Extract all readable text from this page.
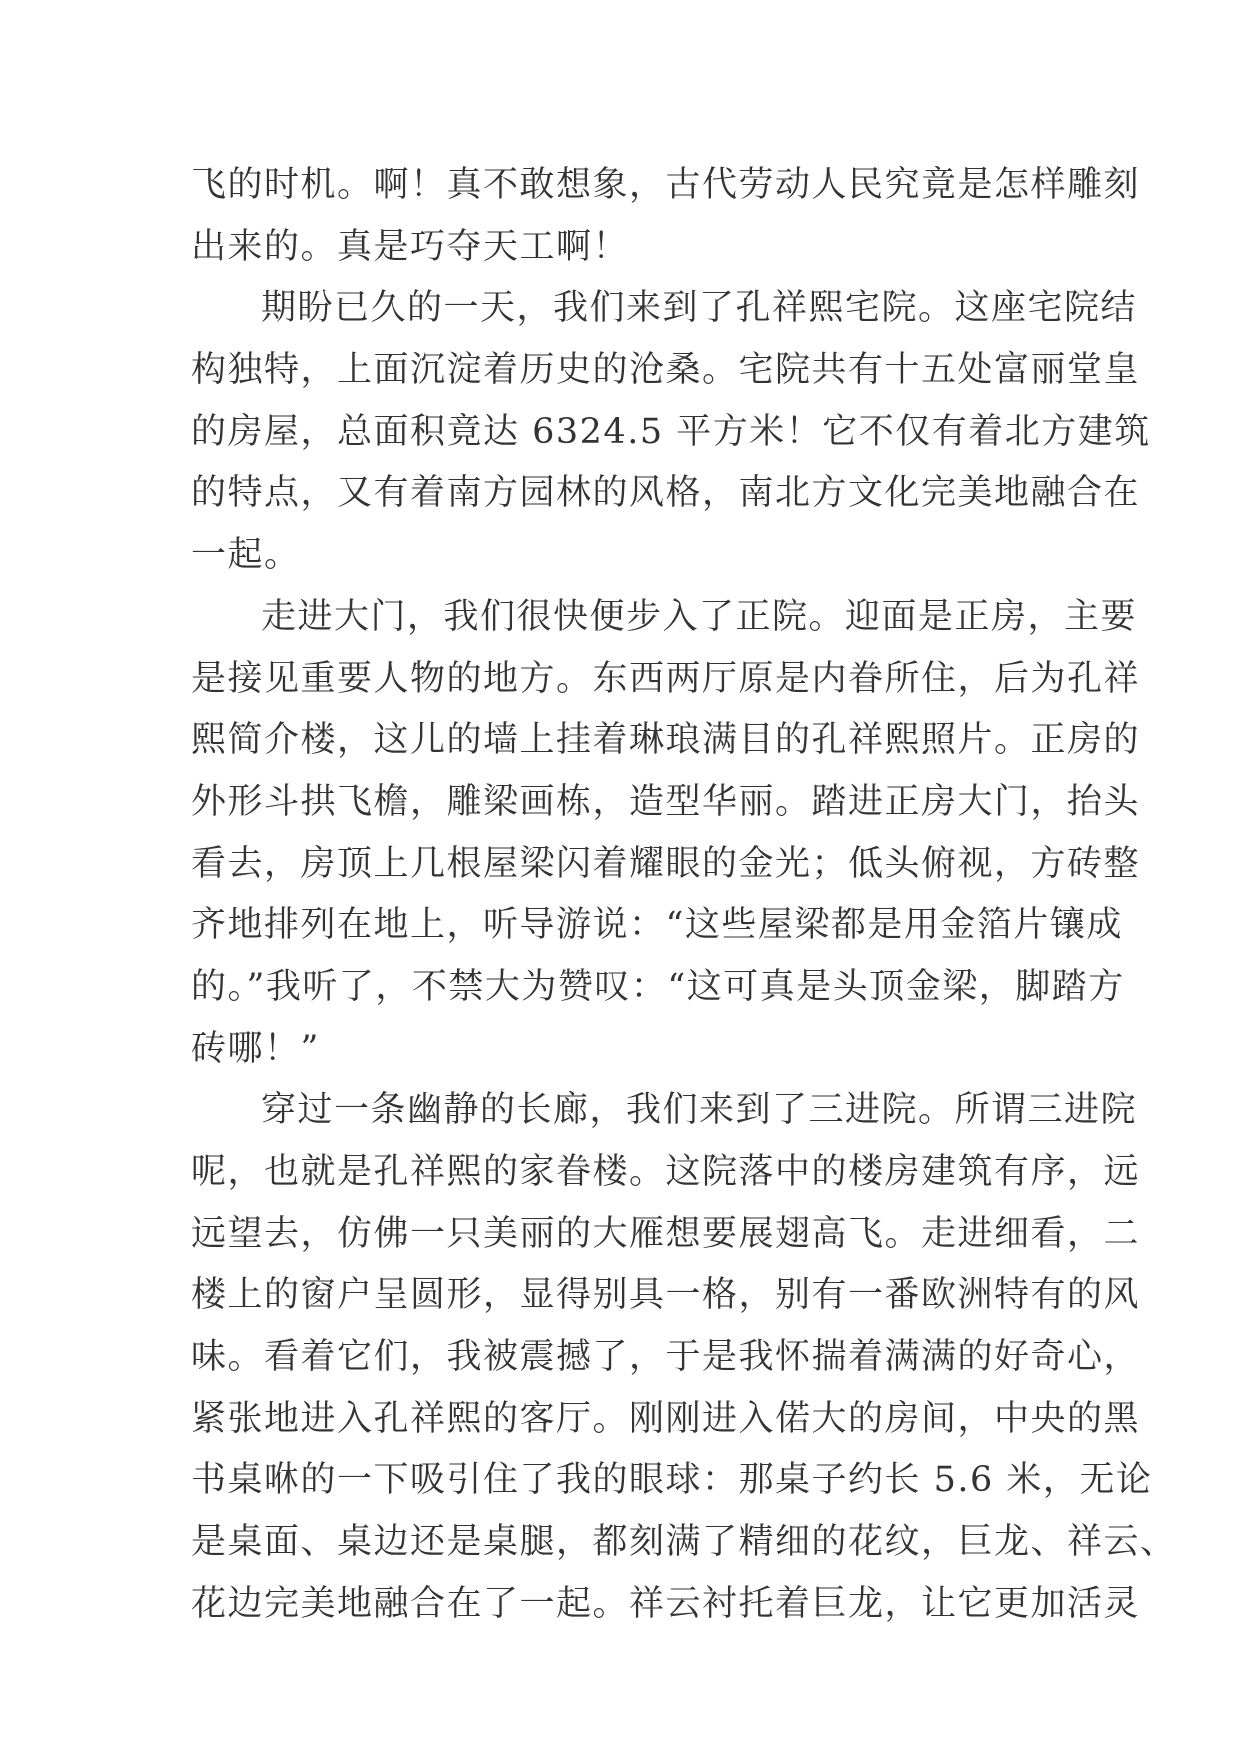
飞的时机。啊！真不敢想象，古代劳动人民究竟是怎样雕刻
出来的。真是巧夺天工啊！
期盼已久的一天，我们来到了孔祥熙宅院。这座宅院结
构独特，上面沉淀着历史的沧桑。宅院共有十五处富丽堂皇
的房屋，总面积竟达 6324.5 平方米！它不仅有着北方建筑
的特点，又有着南方园林的风格，南北方文化完美地融合在
一起。
走进大门，我们很快便步入了正院。迎面是正房，主要
是接见重要人物的地方。东西两厅原是内眷所住，后为孔祥
熙简介楼，这儿的墙上挂着琳琅满目的孔祥熙照片。正房的
外形斗拱飞檐，雕梁画栋，造型华丽。踏进正房大门，抬头
看去，房顶上几根屋梁闪着耀眼的金光；低头俯视，方砖整
齐地排列在地上，听导游说：“这些屋梁都是用金箔片镶成
的。”我听了，不禁大为赞叹：“这可真是头顶金梁，脚踏方
砖哪！”
穿过一条幽静的长廊，我们来到了三进院。所谓三进院
呢，也就是孔祥熙的家眷楼。这院落中的楼房建筑有序，远
远望去，仿佛一只美丽的大雁想要展翅高飞。走进细看，二
楼上的窗户呈圆形，显得别具一格，别有一番欧洲特有的风
味。看着它们，我被震撼了，于是我怀揣着满满的好奇心，
紧张地进入孔祥熙的客厅。刚刚进入偌大的房间，中央的黑
书桌咻的一下吸引住了我的眼球：那桌子约长 5.6 米，无论
是桌面、桌边还是桌腿，都刻满了精细的花纹，巨龙、祥云、
花边完美地融合在了一起。祥云衬托着巨龙，让它更加活灵
